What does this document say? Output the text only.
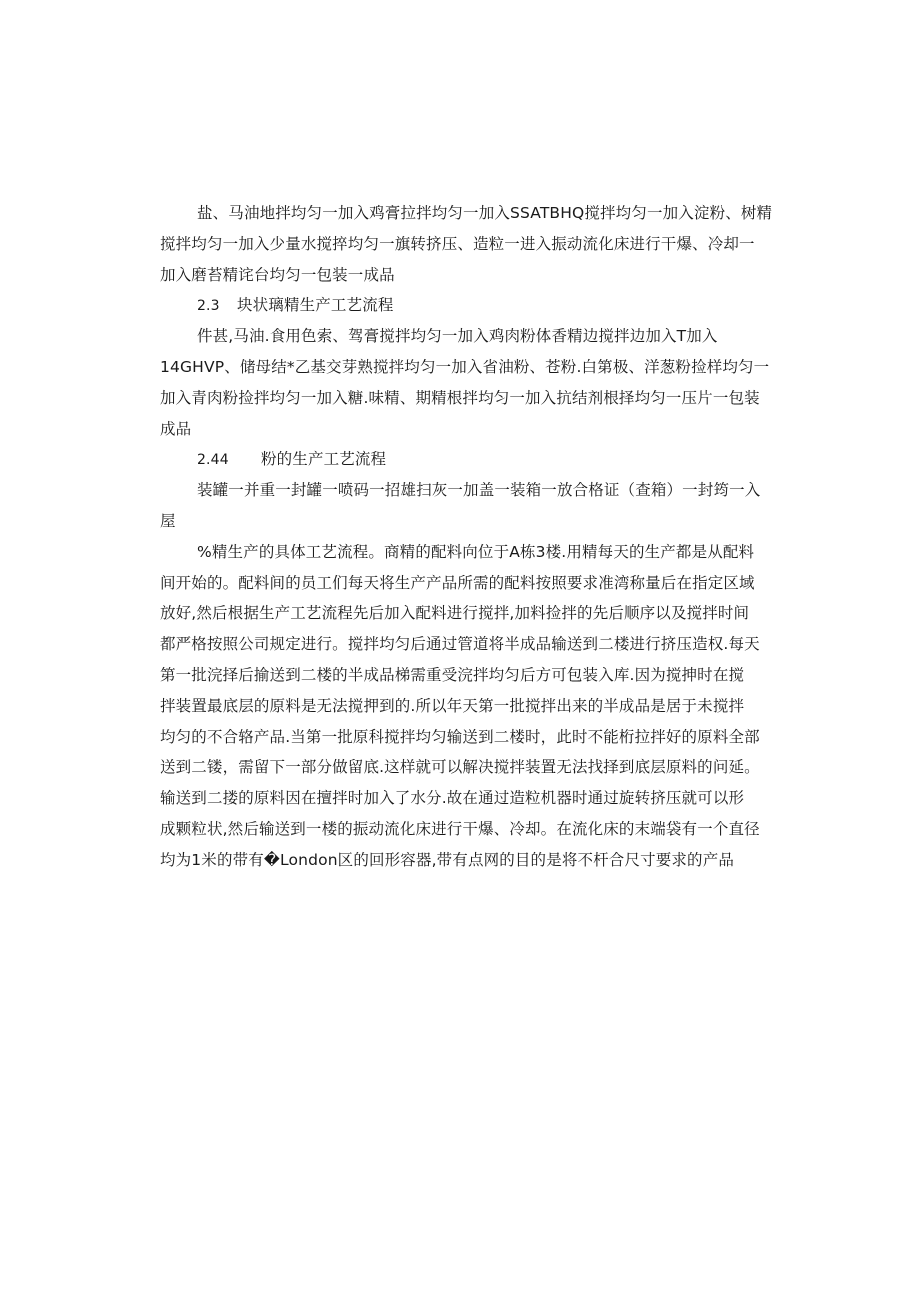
盐、马油地拌均匀一加入鸡膏拉拌均匀一加入SSATBHQ搅拌均匀一加入淀粉、树精
搅拌均匀一加入少量水搅捽均匀一旗转挤压、造粒一进入振动流化床进行干爆、冷却一
加入磨苔精诧台均匀一包装一成品
2.3 块状璃精生产工艺流程
件甚,马油.食用色索、驾膏搅拌均匀一加入鸡肉粉体香精边搅拌边加入T加入
14GHVP、储母结*乙基交芽熟搅拌均匀一加入省油粉、苍粉.白第极、洋葱粉捡样均匀一
加入青肉粉捡拌均匀一加入糖.味精、期精根拌均匀一加入抗结剂根择均匀一压片一包装
成品
2.44 粉的生产工艺流程
装罐一并重一封罐一喷码一招雄扫灰一加盖一装箱一放合格证（查箱）一封筠一入
屋
%精生产的具体工艺流程。商精的配料向位于A栋3楼.用精每天的生产都是从配料
间开始的。配料间的员工们每天将生产产品所需的配料按照要求准湾称量后在指定区域
放好,然后根据生产工艺流程先后加入配料进行搅拌,加料捡拌的先后顺序以及搅拌时间
都严格按照公司规定进行。搅拌均匀后通过管道将半成品输送到二楼进行挤压造权.每天
第一批浣择后揄送到二楼的半成品梯需重受浣拌均匀后方可包装入库.因为搅抻时在搅
拌装置最底层的原料是无法搅押到的.所以年天第一批搅拌出来的半成品是居于未搅拌
均匀的不合辂产品.当第一批原科搅拌均匀输送到二楼时，此时不能桁拉拌好的原料全部
送到二镂，需留下一部分做留底.这样就可以解决搅拌装置无法找择到底层原料的问延。
输送到二搂的原料因在擅拌时加入了水分.故在通过造粒机器时通过旋转挤压就可以形
成颗粒状,然后输送到一楼的振动流化床进行干爆、冷却。在流化床的末端袋有一个直径
均为1米的带有�London区的回形容器,带有点网的目的是将不杆合尺寸要求的产品
